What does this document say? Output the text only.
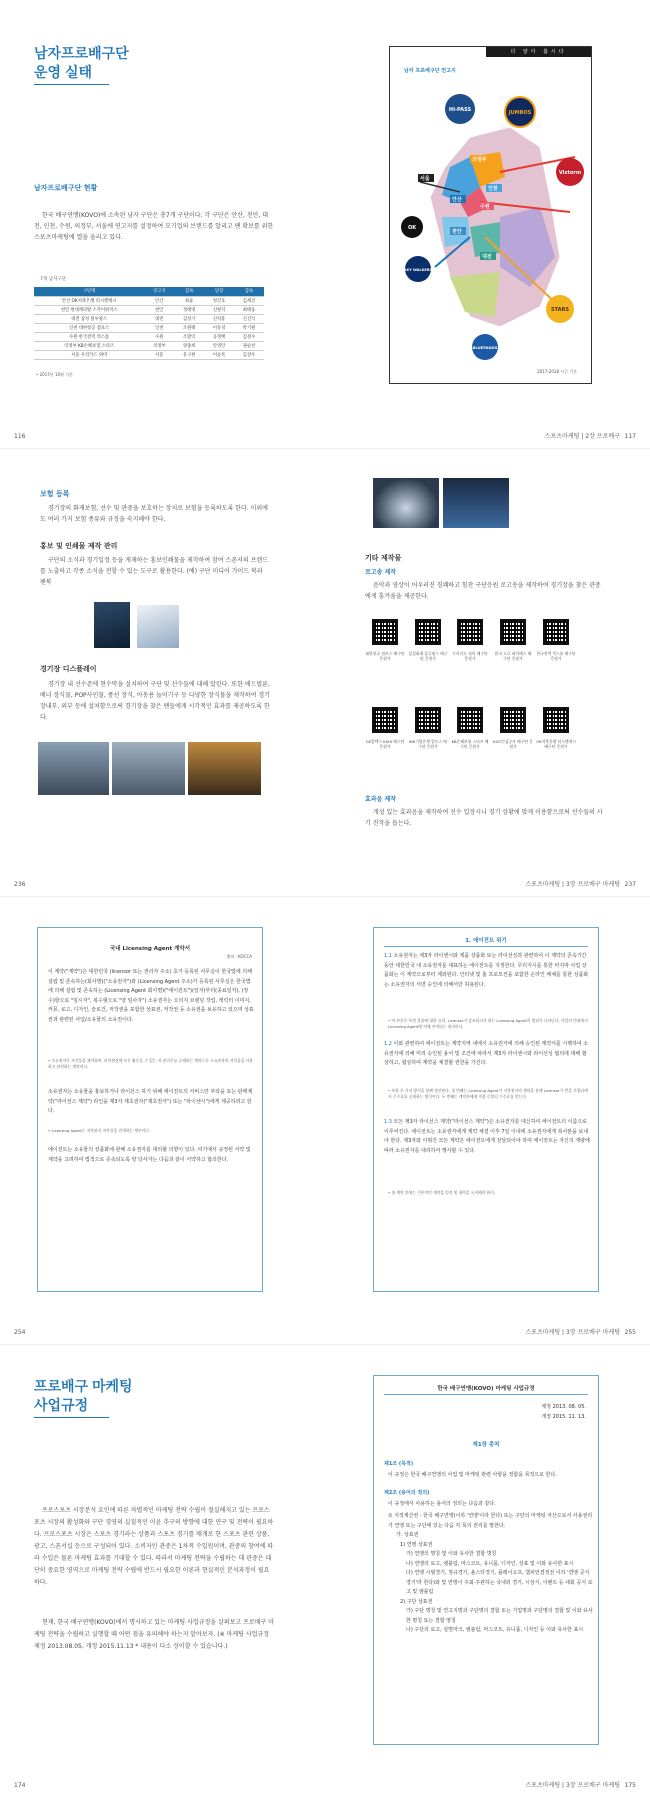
남자프로배구단
운영 실태
남자프로배구단 현황
한국 배구연맹(KOVO)에 소속된 남자 구단은 총7개 구단이다. 각 구단은 안산, 천안, 대전, 인천, 수원, 의정부, 서울에 연고지를 설정하여 모기업의 브랜드를 알리고 팬 확보를 위한 스포츠마케팅에 열을 올리고 있다.
7개 남자구단
구단명	연고지	감독	단장	감독
안산 OK저축은행 러시앤캐시	안산	최윤	정길호	김세진
천안 현대캐피탈 스카이워커스	천안	정태영	신현석	최태웅
대전 삼성 블루팡스	대전	김성기	신치용	신진식
인천 대한항공 점보스	인천	조원태	이유성	박기원
수원 한국전력 빅스톰	수원	조환익	공정배	김철수
의정부 KB손해보험 스타즈	의정부	양종희	안영안	권순찬
서울 우리카드 위비	서울	유구현	이승록	김상우
• 2017년 10월 기준
116
더 알아 봅시다
남자 프로배구단 연고지
서울
의정부
인천
수원
안산
천안
대전
HI-PASS	JUMBOS
Vixtorm
OK
SKY WALKERS
STARS
BLUEFANGS
2017-2018 시즌 기준
스포츠마케팅 | 2장 프로배구 117
보험 등록
경기장의 화재보험, 선수 및 관중을 보호하는 장치로 보험을 등록하도록 한다. 이외에도 여러 가지 보험 종류와 규정을 숙지해야 한다.
홍보 및 인쇄물 제작 관리
구단의 소식과 경기일정 등을 게재하는 홍보인쇄물을 제작하여 잠여 스폰서의 브랜드를 노출하고 각종 소식을 전할 수 있는 도구로 활용한다. (예) 구단 미디어 가이드 북과 팬북
경기장 디스플레이
경기장 내 선수존에 현수막을 설치하여 구단 및 선수들에 대해 알린다. 또한 애드벌룬, 배너 장식물, POP사인물, 풍선 장식, 아동용 놀이기구 등 다양한 장식물을 제작하여 경기장내부, 외부 등에 설치함으로써 경기장을 찾은 팬들에게 시각적인 효과를 제공하도록 한다.
236
기타 제작물
로고송 제작
음악과 영상이 어우러진 경쾌하고 힘찬 구단응원 로고송을 제작하여 경기장을 찾은 관중에게 흥겨움을 제공한다.
대한항공 점보스 배구단 응원가
삼성화재 블루팡스 배구단 응원가
우리카드 위비 배구단 응원가
한국 도로 하이패스 배구단 응원가
한국전력 빅스톰 배구단 응원가
GS칼텍스 KIXX 배구단 응원가
IBK기업은행 알토스 배구단 응원가
KB손해보험 스타즈 배구단 응원가
KGC인삼공사 배구단 응원가
OK저축은행 러시앤캐시 배구단 응원가
효과음 제작
개성 있는 효과음을 제작하여 선수 입장시나 경기 상황에 맞게 이용함으로써 선수들의 사기 진작을 돕는다.
스포츠마케팅 | 3장 프로배구 마케팅 237
국내 Licensing Agent 계약서
출처 : KOCCA
이 계약("계약")은 대한민국 (licensor 또는 권리자 주소) 호가 등록된 사무실이 한국법에 의해 설립 및 존속하는(회사명)("소유권자")와 (Licensing Agent 주소)가 등록된 사무실은 한국법에 의해 설립 및 존속하는 (Licensing Agent 회사명)("에이전트")(일자)부터(종료일자), (장수)항으로 "임시자", 복수형으로 "양 임사자") 소유권자는 오리지 브랜딩 작업, 캐릭터 이미지, 커뮤, 로고, 디자인, 슬로건, 저작권을 포함한 상표권, 저작권 등 소유권을 보유하고 있으며 상표권과 관련된 사업/소유물의 소유권이다.
• 소유권자가 저작물을 제작하여, 라이센싱에 모든 활동을 수 있는 저 권리주를 규제하는 계약으로 소유권자의 저작물을 사용하고 관련하는 계약이다.
소유권자는 소유물을 홍보하거나 라이선스 하기 위해 에이전트의 서비스만 부탁을 또는 판매계약("라이선스 계약") 라인을 제3자 계초권자("계초권자") 또는 "라이센시")에게 제공하려고 한다.
• Licensing Agent는 저작권자 저작물을 전개하는 세부이다.
에이전트는 소유물의 상품화에 관해 소유권자를 대리할 의향이 있다. 여기에서 규정된 서약 및 계약을 고려하여 법적으로 증속되도록 양 당사자는 다음과 같이 서약하고 합의한다.
254
1. 에이전트 위기
1.1 소유권자는 제3자 라이센시와 제품 상품화 또는 라이선싱과 관련하여 이 계약의 존속기간 동안 대한민국 내 소유권자를 대표하는 에이전트를 지정한다. 무리지시를 통한 마지막 사업 상품화는 이 계약으로부터 제외된다. 인터넷 및 홈 프로모션을 포함한 온라인 매체를 통한 상품화는 소유권자의 서면 승인에 의해서만 허용된다.
• 이 부분은 특정 상품에 대한 유의, Licensor가 강조하고자 하는 Licensing Agent의 범위가 나타난다. 사업의 범위에서 Licensing Agent에 의해 부여되는 권리이다.
1.2 이와 관련하여 에이전트는 계약지역 내에서 소유권자에 의해 승인된 계약서를 시행하여 소유권자에 의해 미리 승인된 용어 및 조건에 따라서 제3자 라이센시와 라이선싱 협의에 대해 협상하고, 협상하여 계약을 체결할 권한을 가진다.
• 보통 두 가지 방식을 통해 정산된다. 첫 번째는 Licensing Agent가 저작권자의 계약을 통해 Licensor가 받을 로열티에서 수수료를 공제하는 방식이다. 두 번째는 계약자에게 직접 로열티 수수료를 받는다.
1.3 모든 제3자 라이선스 계약("라이선스 계약")은 소유권자를 대신하여 에이전트의 이름으로 이루어진다. 에이전트는 소유권자에게 계약 체결 이후 7일 이내에 소유권자에게 복사본을 보내야 한다. 제3자와 이뤄진 모든 계약은 에이전트에게 전달되어야 하며 에이전트는 자신의 재량에 따라 소유권자를 대리하여 행사할 수 있다.
• 위 계약 후에는 기본적인 계약을 엄격 및 협력을 유지해야 한다.
스포츠마케팅 | 3장 프로배구 마케팅 255
프로배구 마케팅
사업규정
프로스포츠 시장분석 요인에 따른 차별적인 마케팅 전략 수립이 절실해지고 있는 프로스포츠 시장의 활성화와 구단 경영의 실질적인 이윤 추구의 방향에 대한 연구 및 전략이 필요하다. 프로스포츠 시장은 스포츠 경기라는 상품과 스포츠 경기를 매개로 한 스포츠 관련 상품, 광고, 스폰서십 등으로 구성되어 있다. 소비자인 관중은 1차적 수입원이며, 관중의 참여에 따라 수입은 물론 마케팅 효과를 기대할 수 있다. 따라서 마케팅 전략을 수립하는 데 관중은 대단히 중요한 영역으로 마케팅 전략 수립에 반드시 필요한 이론과 현실적인 분석과정이 필요하다.
현재, 한국 배구연맹(KOVO)에서 명시하고 있는 마케팅 사업규정을 살펴보고 프로배구 마케팅 전략을 수립하고 실행할 때 어떤 점을 유의해야 하는지 알아보자. (※ 마케팅 사업규정 제정 2013.08.05, 개정 2015.11.13 * 내용이 다소 상이할 수 있습니다.)
174
한국 배구연맹(KOVO) 마케팅 사업규정
제정 2013. 08. 05.
개정 2015. 11. 13.
제1장 총칙
제1조 (목적)
이 규정은 한국 배구연맹의 사업 및 마케팅 관련 사항을 정함을 목적으로 한다.
제2조 (용어의 정의)
이 규정에서 사용하는 용어의 정의는 다음과 같다.
① 지적재산권 : 한국 배구연맹(이하 '연맹'이라 한다) 또는 구단의 마케팅 자산으로서 사용권리가 연맹 또는 구단에 있는 다음 각 목의 권리를 말한다.
가. 상표권
1) 연맹 상표권
가) 연맹의 명칭 및 이와 유사한 결합 명칭
나) 연맹의 로고, 엠블럼, 마스코트, 유니폼, 디자인, 상표 및 이와 유사한 표시
다) 연맹 시범경기, 정규경기, 올스타경기, 플레이오프, 챔피언결정전 이하 '연맹 공식경기'라 한다)와 및 연맹이 주최·주관하는 국내외 경기, 시상식, 이벤트 등 대회 공식 로고 및 엠블럼
2) 구단 상표권
가) 구단 명칭 및 연고지명과 구단명의 결합 또는 기업명과 구단명의 결합 및 이와 유사한 명칭 또는 결합 명칭
나) 구단의 로고, 심벌마크, 엠블럼, 마스코트, 유니폼, 디자인 등 이와 유사한 표시
스포츠마케팅 | 3장 프로배구 마케팅 175
